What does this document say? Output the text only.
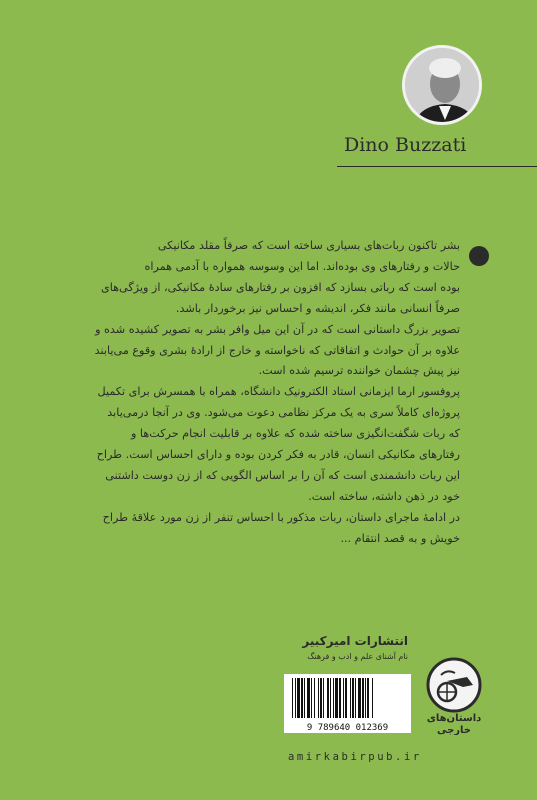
Dino Buzzati
بشر تاکنون ربات‌های بسیاری ساخته است که صرفاً مقلد مکانیکی
حالات و رفتارهای وی بوده‌اند. اما این وسوسه همواره با آدمی همراه
بوده است که رباتی بسازد که افزون بر رفتارهای سادهٔ مکانیکی، از ویژگی‌های
صرفاً انسانی مانند فکر، اندیشه و احساس نیز برخوردار باشد.
تصویر بزرگ داستانی است که در آن این میل وافر بشر به تصویر کشیده شده و
علاوه بر آن حوادث و اتفاقاتی که ناخواسته و خارج از ارادهٔ بشری وقوع می‌یابند
نیز پیش چشمان خواننده ترسیم شده است.
پروفسور ارما ایزمانی استاد الکترونیک دانشگاه، همراه با همسرش برای تکمیل
پروژه‌ای کاملاً سری به یک مرکز نظامی دعوت می‌شود. وی در آنجا درمی‌یابد
که ربات شگفت‌انگیزی ساخته شده که علاوه بر قابلیت انجام حرکت‌ها و
رفتارهای مکانیکی انسان، قادر به فکر کردن بوده و دارای احساس است. طراح
این ربات دانشمندی است که آن را بر اساس الگویی که از زن دوست داشتنی
خود در ذهن داشته، ساخته است.
در ادامهٔ ماجرای داستان، ربات مذکور با احساس تنفر از زن مورد علاقهٔ طراح
خویش و به قصد انتقام ...
انتشارات امیرکبیر
نام آشنای علم و ادب و فرهنگ
داستان‌های
خارجی
9 789640 012369
amirkabirpub.ir
